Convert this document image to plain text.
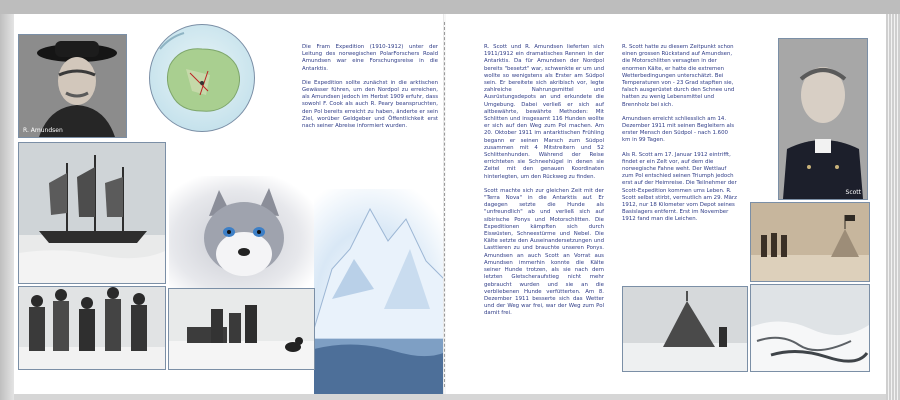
R. Amundsen

Die Fram Expedition (1910-1912) unter der Leitung des norwegischen PolarForschers Roald Amundsen war eine Forschungsreise in die Antarktis.

Die Expedition sollte zunächst in die arktischen Gewässer führen, um den Nordpol zu erreichen, als Amundsen jedoch im Herbst 1909 erfuhr, dass sowohl F. Cook als auch R. Peary beanspruchten, den Pol bereits erreicht zu haben, änderte er sein Ziel, worüber Geldgeber und Öffentlichkeit erst nach seiner Abreise informiert wurden.

R. Scott und R. Amundsen lieferten sich 1911/1912 ein dramatisches Rennen in der Antarktis. Da für Amundsen der Nordpol bereits "besetzt" war, schwenkte er um und wollte so wenigstens als Erster am Südpol sein. Er bereitete sich akribisch vor, legte zahlreiche Nahrungsmittel und Ausrüstungsdepots an und erkundete die Umgebung. Dabei verließ er sich auf altbewährte, bewährte Methoden: Mit Schlitten und insgesamt 116 Hunden wollte er sich auf den Weg zum Pol machen. Am 20. Oktober 1911 im antarktischen Frühling begann er seinen Marsch zum Südpol zusammen mit 4 Mitstreitern und 52 Schlittenhunden. Während der Reise errichteten sie Schneehügel in denen sie Zeitel mit den genauen Koordinaten hinterlegten, um den Rückweg zu finden.

Scott machte sich zur gleichen Zeit mit der "Terra Nova" in die Antarktis auf. Er dagegen setzte die Hunde als "unfreundlich" ab und verließ sich auf sibirische Ponys und Motorschlitten. Die Expeditionen kämpften sich durch Eiswüsten, Schneestürme und Nebel. Die Kälte setzte den Auseinandersetzungen und Lasttieren zu und brauchte unseren Ponys. Amundsen an auch Scott an Vorrat aus Amundsen immerhin konnte die Kälte seiner Hunde trotzen, als sie nach dem letzten Gletscheraufstieg nicht mehr gebraucht wurden und sie an die verbliebenen Hunde verfütterten. Am 8. Dezember 1911 besserte sich das Wetter und der Weg war frei, war der Weg zum Pol damit frei.

R. Scott hatte zu diesem Zeitpunkt schon einen grossen Rückstand auf Amundsen, die Motorschlitten versagten in der enormen Kälte, er hatte die extremen Wetterbedingungen unterschätzt. Bei Temperaturen von - 23 Grad stapften sie, falsch ausgerüstet durch den Schnee und hatten zu wenig Lebensmittel und Brennholz bei sich.

Amundsen erreicht schliesslich am 14. Dezember 1911 mit seinen Begleitern als erster Mensch den Südpol - nach 1.600 km in 99 Tagen.

Als R. Scott am 17. Januar 1912 eintrifft, findet er ein Zelt vor, auf dem die norwegische Fahne weht. Der Wettlauf zum Pol entschied seinen Triumph jedoch erst auf der Heimreise. Die Teilnehmer der Scott-Expedition kommen ums Leben. R. Scott selbst stirbt, vermutlich am 29. März 1912, nur 18 Kilometer vom Depot seines Basislagers entfernt. Erst im November 1912 fand man die Leichen.

Scott
